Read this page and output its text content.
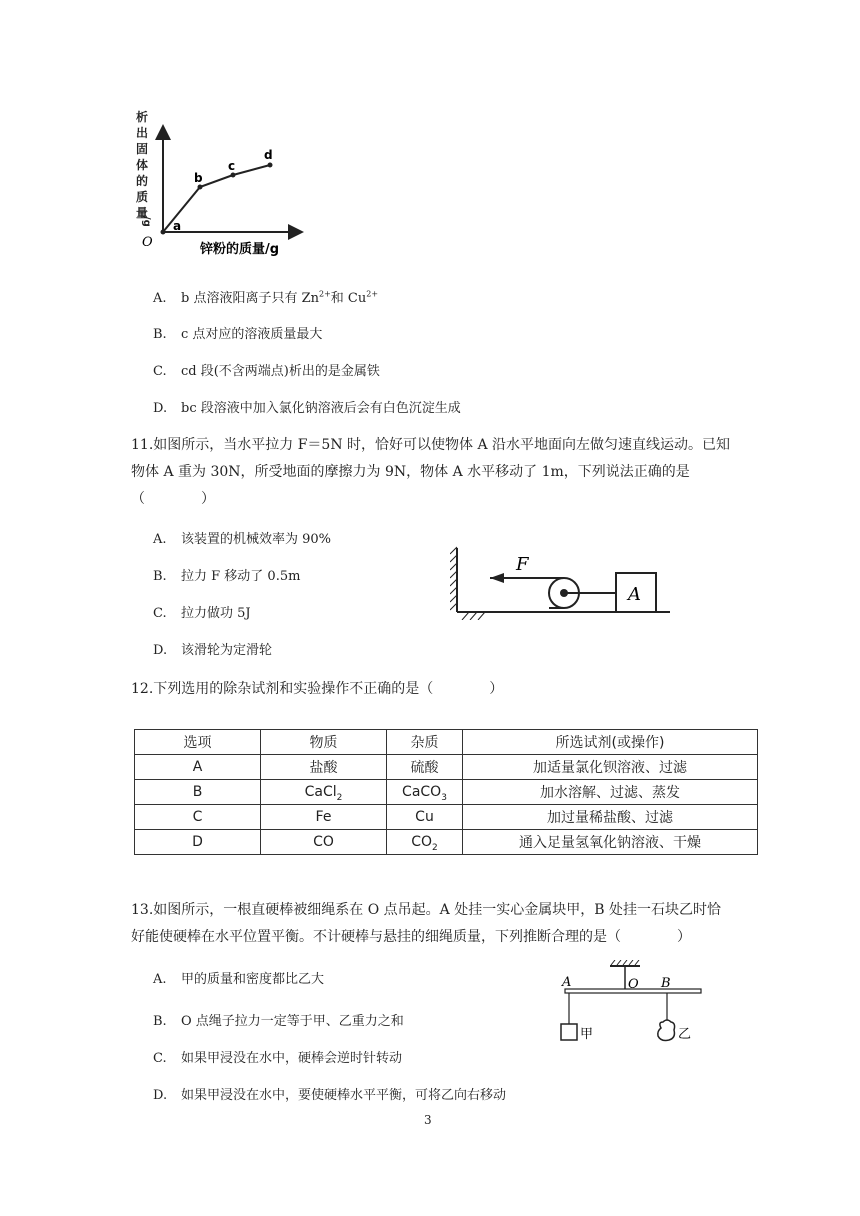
O
a
b
c
d
析
出
固
体
的
质
量
/g
锌粉的质量/g
A. b 点溶液阳离子只有 $Zn^{2+}$和 $Cu^{2+}$
B. c 点对应的溶液质量最大
C. cd 段(不含两端点)析出的是金属铁
D. bc 段溶液中加入氯化钠溶液后会有白色沉淀生成
11.如图所示，当水平拉力 F＝5N 时，恰好可以使物体 A 沿水平地面向左做匀速直线运动。已知物体 A 重为 30N，所受地面的摩擦力为 9N，物体 A 水平移动了 1m，下列说法正确的是（　　　　）
A. 该装置的机械效率为 90%
B. 拉力 F 移动了 0.5m
C. 拉力做功 5J
D. 该滑轮为定滑轮
F
A
12.下列选用的除杂试剂和实验操作不正确的是（　　　　）
选项	物质	杂质	所选试剂(或操作)
A	盐酸	硫酸	加适量氯化钡溶液、过滤
B	CaCl$_2$	CaCO$_3$	加水溶解、过滤、蒸发
C	Fe	Cu	加过量稀盐酸、过滤
D	CO	$CO_2$	通入足量氢氧化钠溶液、干燥
13.如图所示，一根直硬棒被细绳系在 O 点吊起。A 处挂一实心金属块甲，B 处挂一石块乙时恰好能使硬棒在水平位置平衡。不计硬棒与悬挂的细绳质量，下列推断合理的是（　　　　）
A. 甲的质量和密度都比乙大
B. O 点绳子拉力一定等于甲、乙重力之和
C. 如果甲浸没在水中，硬棒会逆时针转动
D. 如果甲浸没在水中，要使硬棒水平平衡，可将乙向右移动
A	O B
甲	乙
3
